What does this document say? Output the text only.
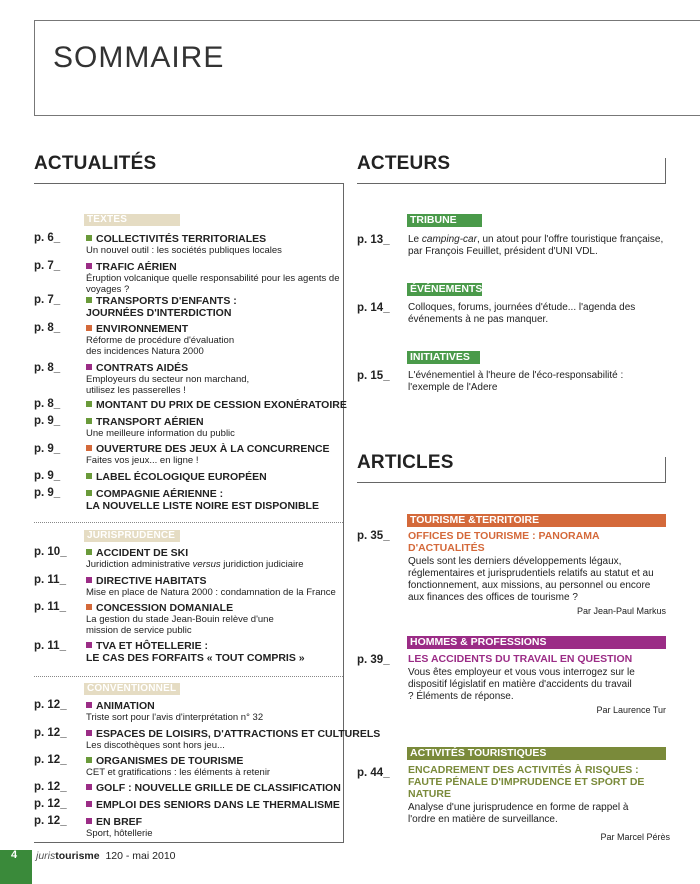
SOMMAIRE
ACTUALITÉS
TEXTES
p. 6_	COLLECTIVITÉS TERRITORIALES
Un nouvel outil : les sociétés publiques locales
p. 7_	TRAFIC AÉRIEN
Éruption volcanique quelle responsabilité pour les agents de voyages ?
p. 7_	TRANSPORTS D'ENFANTS :
JOURNÉES D'INTERDICTION
p. 8_	ENVIRONNEMENT
Réforme de procédure d'évaluation des incidences Natura 2000
p. 8_	CONTRATS AIDÉS
Employeurs du secteur non marchand, utilisez les passerelles !
p. 8_	MONTANT DU PRIX DE CESSION EXONÉRATOIRE
p. 9_	TRANSPORT AÉRIEN
Une meilleure information du public
p. 9_	OUVERTURE DES JEUX À LA CONCURRENCE
Faites vos jeux... en ligne !
p. 9_	LABEL ÉCOLOGIQUE EUROPÉEN
p. 9_	COMPAGNIE AÉRIENNE :
LA NOUVELLE LISTE NOIRE EST DISPONIBLE
JURISPRUDENCE
p. 10_	ACCIDENT DE SKI
Juridiction administrative versus juridiction judiciaire
p. 11_	DIRECTIVE HABITATS
Mise en place de Natura 2000 : condamnation de la France
p. 11_	CONCESSION DOMANIALE
La gestion du stade Jean-Bouin relève d'une mission de service public
p. 11_	TVA ET HÔTELLERIE :
LE CAS DES FORFAITS « TOUT COMPRIS »
CONVENTIONNEL
p. 12_	ANIMATION
Triste sort pour l'avis d'interprétation n° 32
p. 12_	ESPACES DE LOISIRS, D'ATTRACTIONS ET CULTURELS
Les discothèques sont hors jeu...
p. 12_	ORGANISMES DE TOURISME
CET et gratifications : les éléments à retenir
p. 12_	GOLF : NOUVELLE GRILLE DE CLASSIFICATION
p. 12_	EMPLOI DES SENIORS DANS LE THERMALISME
p. 12_	EN BREF
Sport, hôtellerie
ACTEURS
TRIBUNE
p. 13_ Le camping-car, un atout pour l'offre touristique française, par François Feuillet, président d'UNI VDL.
ÉVÉNEMENTS
p. 14_ Colloques, forums, journées d'étude... l'agenda des événements à ne pas manquer.
INITIATIVES
p. 15_ L'événementiel à l'heure de l'éco-responsabilité : l'exemple de l'Adere
ARTICLES
TOURISME &TERRITOIRE
p. 35_ OFFICES DE TOURISME : PANORAMA D'ACTUALITÉS
Quels sont les derniers développements légaux, réglementaires et jurisprudentiels relatifs au statut et au fonctionnement, aux missions, au personnel ou encore aux finances des offices de tourisme ?
Par Jean-Paul Markus
HOMMES & PROFESSIONS
p. 39_ LES ACCIDENTS DU TRAVAIL EN QUESTION
Vous êtes employeur et vous vous interrogez sur le dispositif législatif en matière d'accidents du travail ? Éléments de réponse.
Par Laurence Tur
ACTIVITÉS TOURISTIQUES
p. 44_ ENCADREMENT DES ACTIVITÉS À RISQUES : FAUTE PÉNALE D'IMPRUDENCE ET SPORT DE NATURE
Analyse d'une jurisprudence en forme de rappel à l'ordre en matière de surveillance.
Par Marcel Pérès
4 juristourisme 120 - mai 2010
